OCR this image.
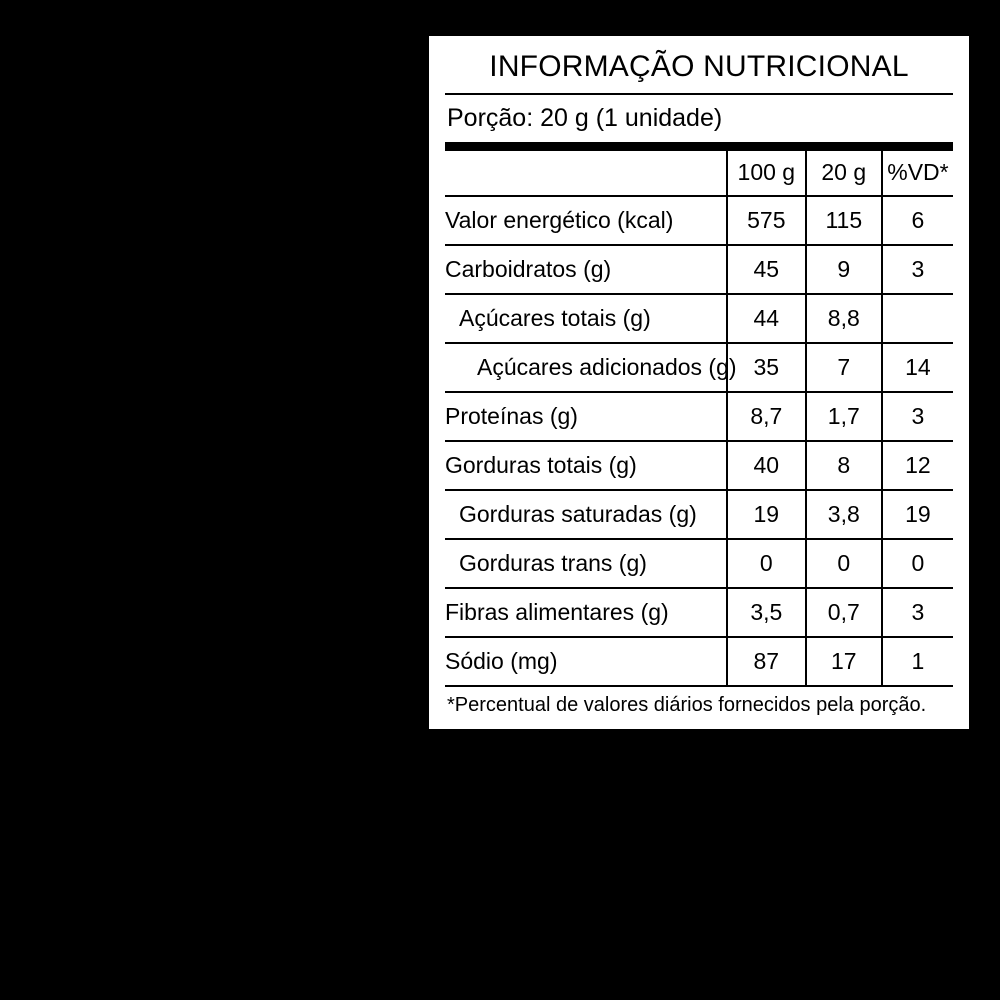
INFORMAÇÃO NUTRICIONAL
Porção: 20 g (1 unidade)
	100 g	20 g	%VD*
Valor energético (kcal)	575	115	6
Carboidratos (g)	45	9	3
Açúcares totais (g)	44	8,8	
Açúcares adicionados (g)	35	7	14
Proteínas (g)	8,7	1,7	3
Gorduras totais (g)	40	8	12
Gorduras saturadas (g)	19	3,8	19
Gorduras trans (g)	0	0	0
Fibras alimentares (g)	3,5	0,7	3
Sódio (mg)	87	17	1
*Percentual de valores diários fornecidos pela porção.
